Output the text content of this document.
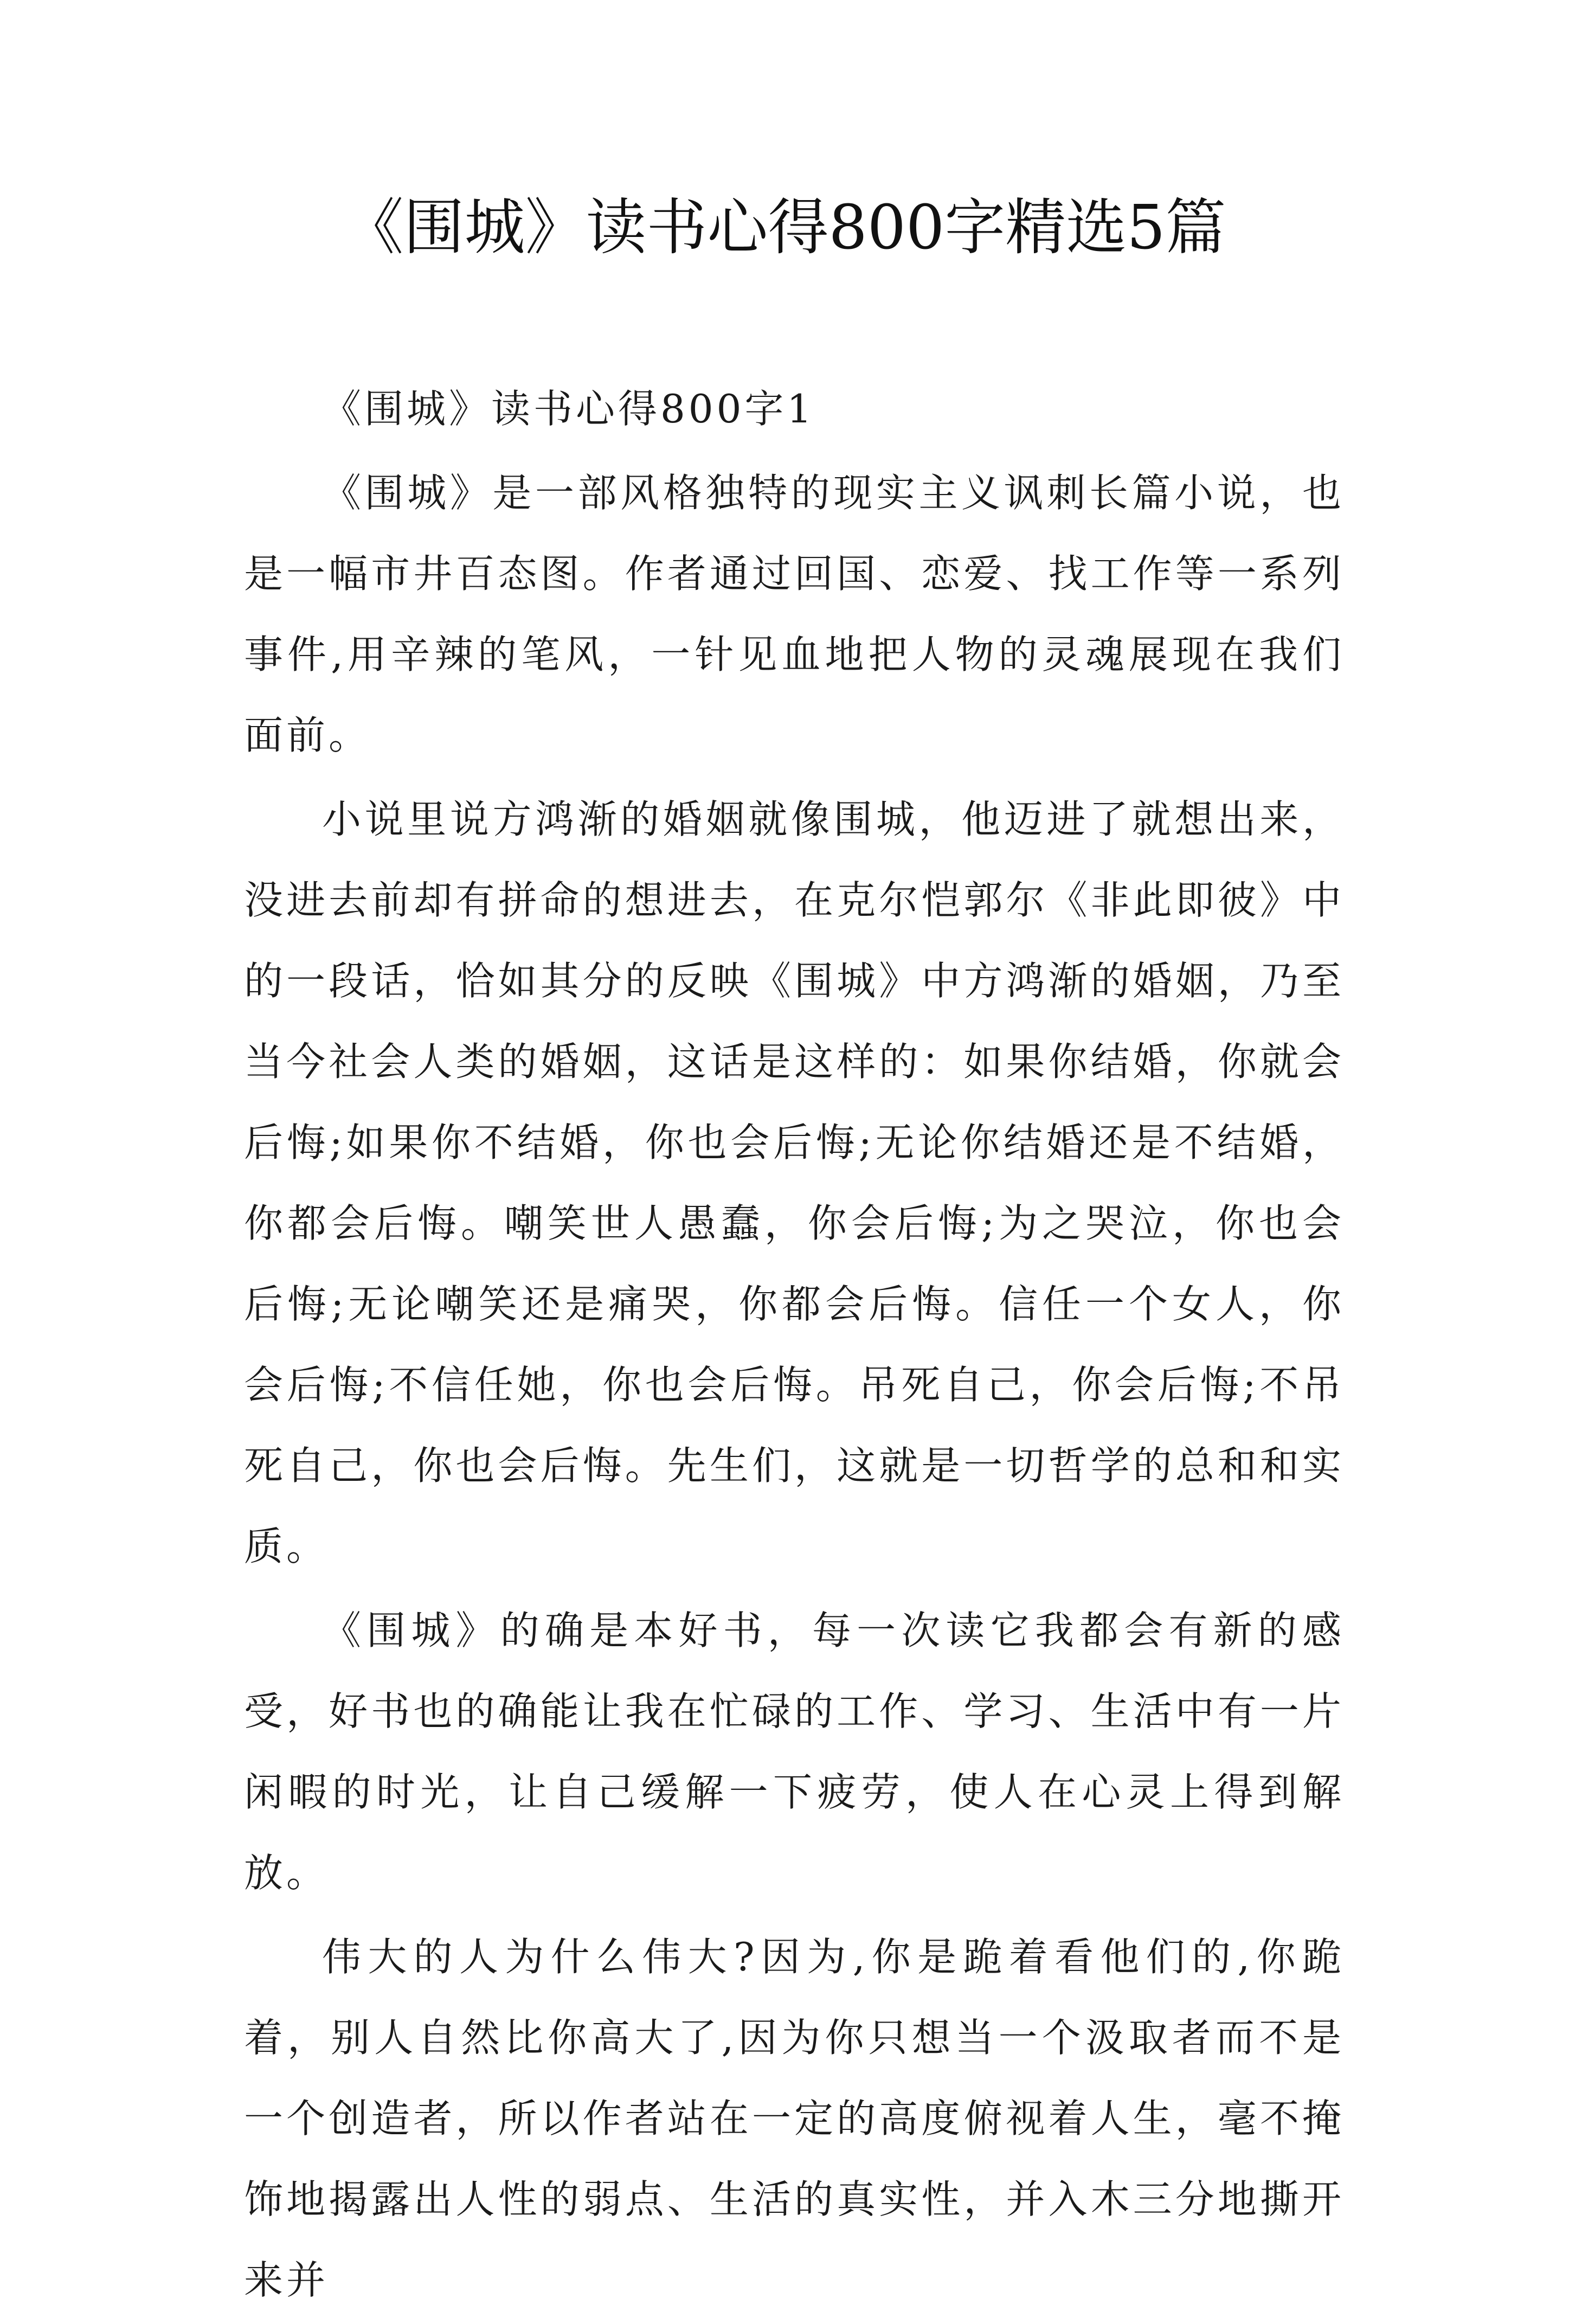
《围城》读书心得800字精选5篇

《围城》读书心得800字1

《围城》是一部风格独特的现实主义讽刺长篇小说，也是一幅市井百态图。作者通过回国、恋爱、找工作等一系列事件,用辛辣的笔风，一针见血地把人物的灵魂展现在我们面前。

小说里说方鸿渐的婚姻就像围城，他迈进了就想出来，没进去前却有拼命的想进去，在克尔恺郭尔《非此即彼》中的一段话，恰如其分的反映《围城》中方鸿渐的婚姻，乃至当今社会人类的婚姻，这话是这样的：如果你结婚，你就会后悔;如果你不结婚，你也会后悔;无论你结婚还是不结婚，你都会后悔。嘲笑世人愚蠢，你会后悔;为之哭泣，你也会后悔;无论嘲笑还是痛哭，你都会后悔。信任一个女人，你会后悔;不信任她，你也会后悔。吊死自己，你会后悔;不吊死自己，你也会后悔。先生们，这就是一切哲学的总和和实质。

《围城》的确是本好书，每一次读它我都会有新的感受，好书也的确能让我在忙碌的工作、学习、生活中有一片闲暇的时光，让自己缓解一下疲劳，使人在心灵上得到解放。

伟大的人为什么伟大?因为,你是跪着看他们的,你跪着，别人自然比你高大了,因为你只想当一个汲取者而不是一个创造者，所以作者站在一定的高度俯视着人生，毫不掩饰地揭露出人性的弱点、生活的真实性，并入木三分地撕开来并
